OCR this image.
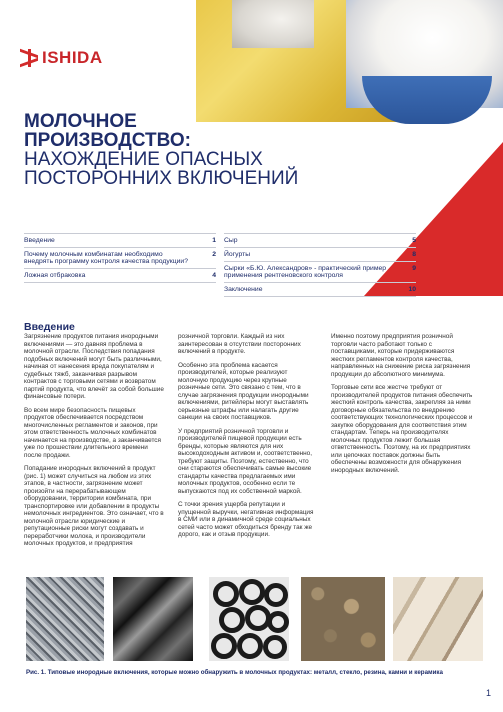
ISHIDA
МОЛОЧНОЕ
ПРОИЗВОДСТВО:
НАХОЖДЕНИЕ ОПАСНЫХ
ПОСТОРОННИХ ВКЛЮЧЕНИЙ
Введение	1
Почему молочным комбинатам необходимо внедрять программу контроля качества продукции?
2
Ложная отбраковка	4
Сыр	5
Йогурты	8
Сырки «Б.Ю. Александров» - практический пример применения рентгеновского контроля
9
Заключение	10
Введение

Загрязнение продуктов питания инородными включениями — это давняя проблема в молочной отрасли. Последствия попадания подобных включений могут быть различными, начиная от нанесения вреда покупателям и судебных тяжб, заканчивая разрывом контрактов с торговыми сетями и возвратом партий продукта, что влечёт за собой большие финансовые потери.

Во всем мире безопасность пищевых продуктов обеспечивается посредством многочисленных регламентов и законов, при этом ответственность молочных комбинатов начинается на производстве, а заканчивается уже по прошествии длительного времени после продажи.

Попадание инородных включений в продукт (рис. 1) может случиться на любом из этих этапов, в частности, загрязнение может произойти на перерабатывающем оборудовании, территории комбината, при транспортировке или добавлении в продукты немолочных ингредиентов. Это означает, что в молочной отрасли юридические и репутационные риски могут создавать и переработчики молока, и производители молочных продуктов, и предприятия

розничной торговли. Каждый из них заинтересован в отсутствии посторонних включений в продукте.

Особенно эта проблема касается производителей, которые реализуют молочную продукцию через крупные розничные сети. Это связано с тем, что в случае загрязнения продукции инородными включениями, ритейлеры могут выставлять серьезные штрафы или налагать другие санкции на своих поставщиков.

У предприятий розничной торговли и производителей пищевой продукции есть бренды, которые являются для них высокодоходным активом и, соответственно, требуют защиты. Поэтому, естественно, что они стараются обеспечивать самые высокие стандарты качества предлагаемых ими молочных продуктов, особенно если те выпускаются под их собственной маркой.

С точки зрения ущерба репутации и упущенной выручки, негативная информация в СМИ или в динамичной среде социальных сетей часто может обходиться бренду так же дорого, как и отзыв продукции.

Именно поэтому предприятия розничной торговли часто работают только с поставщиками, которые придерживаются жестких регламентов контроля качества, направленных на снижение риска загрязнения продукции до абсолютного минимума.

Торговые сети все жестче требуют от производителей продуктов питания обеспечить жесткий контроль качества, закрепляя за ними договорные обязательства по внедрению соответствующих технологических процессов и закупке оборудования для соответствия этим стандартам. Теперь на производителях молочных продуктов лежит большая ответственность. Поэтому, на их предприятиях или цепочках поставок должны быть обеспечены возможности для обнаружения инородных включений.

Рис. 1. Типовые инородные включения, которые можно обнаружить в молочных продуктах: металл, стекло, резина, камни и керамика
1
